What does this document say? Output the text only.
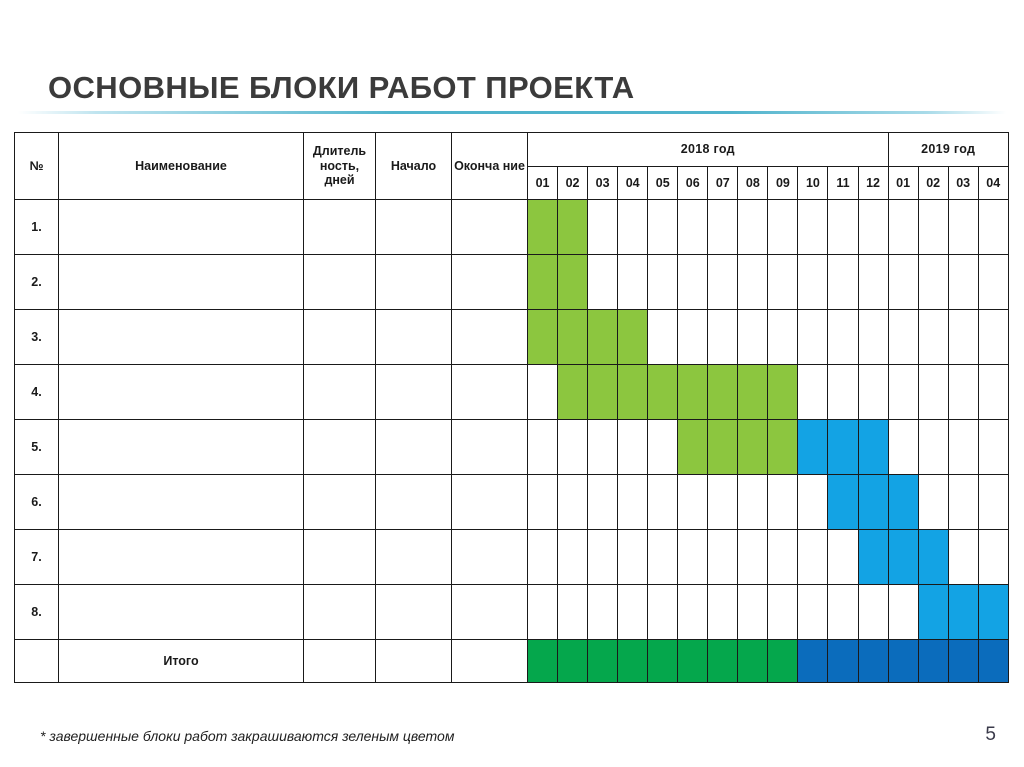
ОСНОВНЫЕ БЛОКИ РАБОТ ПРОЕКТА
№	Наименование	Длитель ность, дней	Начало	Оконча ние	2018 год												2019 год			
					01	02	03	04	05	06	07	08	09	10	11	12	01	02	03	04
1.																				
2.																				
3.																				
4.																				
5.																				
6.																				
7.																				
8.																				
	Итого																			
* завершенные блоки работ закрашиваются зеленым цветом	5
